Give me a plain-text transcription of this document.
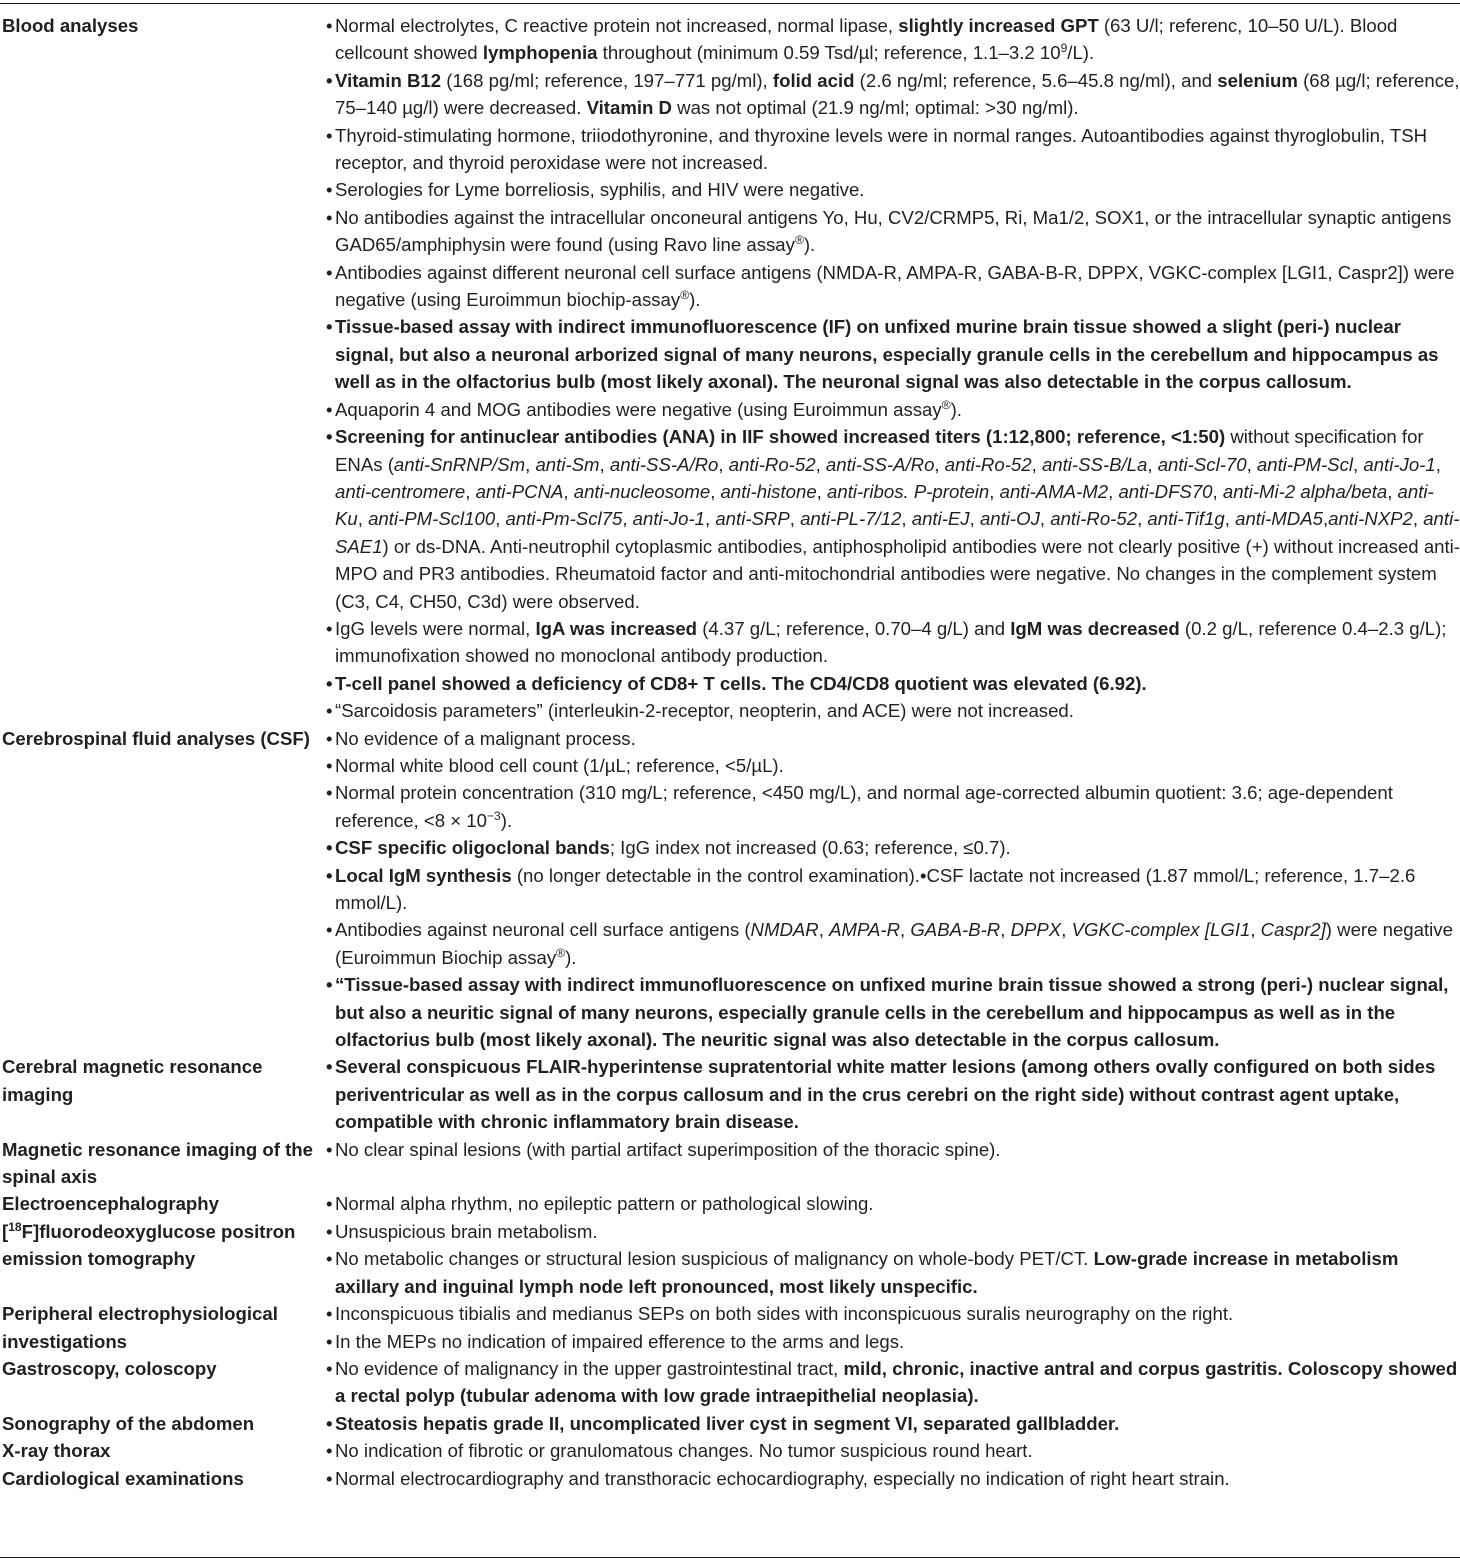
Blood analyses	• Normal electrolytes, C reactive protein not increased, normal lipase, slightly increased GPT (63 U/l; referenc, 10–50 U/L). Blood cellcount showed lymphopenia throughout (minimum 0.59 Tsd/µl; reference, 1.1–3.2 $10^9/L$).
• Vitamin B12 (168 pg/ml; reference, 197–771 pg/ml), folid acid (2.6 ng/ml; reference, 5.6–45.8 ng/ml), and selenium (68 µg/l; reference, 75–140 µg/l) were decreased. Vitamin D was not optimal (21.9 ng/ml; optimal: >30 ng/ml).
• Thyroid-stimulating hormone, triiodothyronine, and thyroxine levels were in normal ranges. Autoantibodies against thyroglobulin, TSH receptor, and thyroid peroxidase were not increased.
• Serologies for Lyme borreliosis, syphilis, and HIV were negative.
• No antibodies against the intracellular onconeural antigens Yo, Hu, CV2/CRMP5, Ri, Ma1/2, SOX1, or the intracellular synaptic antigens GAD65/amphiphysin were found (using Ravo line assay®).
• Antibodies against different neuronal cell surface antigens (NMDA-R, AMPA-R, GABA-B-R, DPPX, VGKC-complex [LGI1, Caspr2]) were negative (using Euroimmun biochip-assay®).
• Tissue-based assay with indirect immunofluorescence (IF) on unfixed murine brain tissue showed a slight (peri-) nuclear signal, but also a neuronal arborized signal of many neurons, especially granule cells in the cerebellum and hippocampus as well as in the olfactorius bulb (most likely axonal). The neuronal signal was also detectable in the corpus callosum.
• Aquaporin 4 and MOG antibodies were negative (using Euroimmun assay®).
• Screening for antinuclear antibodies (ANA) in IIF showed increased titers (1:12,800; reference, <1:50) without specification for ENAs (anti-SnRNP/Sm, anti-Sm, anti-SS-A/Ro, anti-Ro-52, anti-SS-A/Ro, anti-Ro-52, anti-SS-B/La, anti-Scl-70, anti-PM-Scl, anti-Jo-1, anti-centromere, anti-PCNA, anti-nucleosome, anti-histone, anti-ribos. P-protein, anti-AMA-M2, anti-DFS70, anti-Mi-2 alpha/beta, anti-Ku, anti-PM-Scl100, anti-Pm-Scl75, anti-Jo-1, anti-SRP, anti-PL-7/12, anti-EJ, anti-OJ, anti-Ro-52, anti-Tif1g, anti-MDA5,anti-NXP2, anti-SAE1) or ds-DNA. Anti-neutrophil cytoplasmic antibodies, antiphospholipid antibodies were not clearly positive (+) without increased anti-MPO and PR3 antibodies. Rheumatoid factor and anti-mitochondrial antibodies were negative. No changes in the complement system (C3, C4, CH50, C3d) were observed.
• IgG levels were normal, IgA was increased (4.37 g/L; reference, 0.70–4 g/L) and IgM was decreased (0.2 g/L, reference 0.4–2.3 g/L); immunofixation showed no monoclonal antibody production.
• T-cell panel showed a deficiency of CD8+ T cells. The CD4/CD8 quotient was elevated (6.92).
• “Sarcoidosis parameters” (interleukin-2-receptor, neopterin, and ACE) were not increased.
Cerebrospinal fluid analyses (CSF) • No evidence of a malignant process.
• Normal white blood cell count (1/µL; reference, <5/µL).
• Normal protein concentration (310 mg/L; reference, <450 mg/L), and normal age-corrected albumin quotient: 3.6; age-dependent reference, $<8 \times 10^{-3}$).
• CSF specific oligoclonal bands; IgG index not increased (0.63; reference, ≤0.7).
• Local IgM synthesis (no longer detectable in the control examination).•CSF lactate not increased (1.87 mmol/L; reference, 1.7–2.6 mmol/L).
• Antibodies against neuronal cell surface antigens (NMDAR, AMPA-R, GABA-B-R, DPPX, VGKC-complex [LGI1, Caspr2]) were negative (Euroimmun Biochip assay®).
• “Tissue-based assay with indirect immunofluorescence on unfixed murine brain tissue showed a strong (peri-) nuclear signal, but also a neuritic signal of many neurons, especially granule cells in the cerebellum and hippocampus as well as in the olfactorius bulb (most likely axonal). The neuritic signal was also detectable in the corpus callosum.
Cerebral magnetic resonance imaging
• Several conspicuous FLAIR-hyperintense supratentorial white matter lesions (among others ovally configured on both sides periventricular as well as in the corpus callosum and in the crus cerebri on the right side) without contrast agent uptake, compatible with chronic inflammatory brain disease.
Magnetic resonance imaging of the spinal axis
• No clear spinal lesions (with partial artifact superimposition of the thoracic spine).
Electroencephalography	• Normal alpha rhythm, no epileptic pattern or pathological slowing.
[$^{18}$F]fluorodeoxyglucose positron emission tomography
• Unsuspicious brain metabolism.
• No metabolic changes or structural lesion suspicious of malignancy on whole-body PET/CT. Low-grade increase in metabolism axillary and inguinal lymph node left pronounced, most likely unspecific.
Peripheral electrophysiological investigations
• Inconspicuous tibialis and medianus SEPs on both sides with inconspicuous suralis neurography on the right.
• In the MEPs no indication of impaired efference to the arms and legs.
Gastroscopy, coloscopy	• No evidence of malignancy in the upper gastrointestinal tract, mild, chronic, inactive antral and corpus gastritis. Coloscopy showed a rectal polyp (tubular adenoma with low grade intraepithelial neoplasia).
Sonography of the abdomen	• Steatosis hepatis grade II, uncomplicated liver cyst in segment VI, separated gallbladder.
X-ray thorax	• No indication of fibrotic or granulomatous changes. No tumor suspicious round heart.
Cardiological examinations	• Normal electrocardiography and transthoracic echocardiography, especially no indication of right heart strain.
